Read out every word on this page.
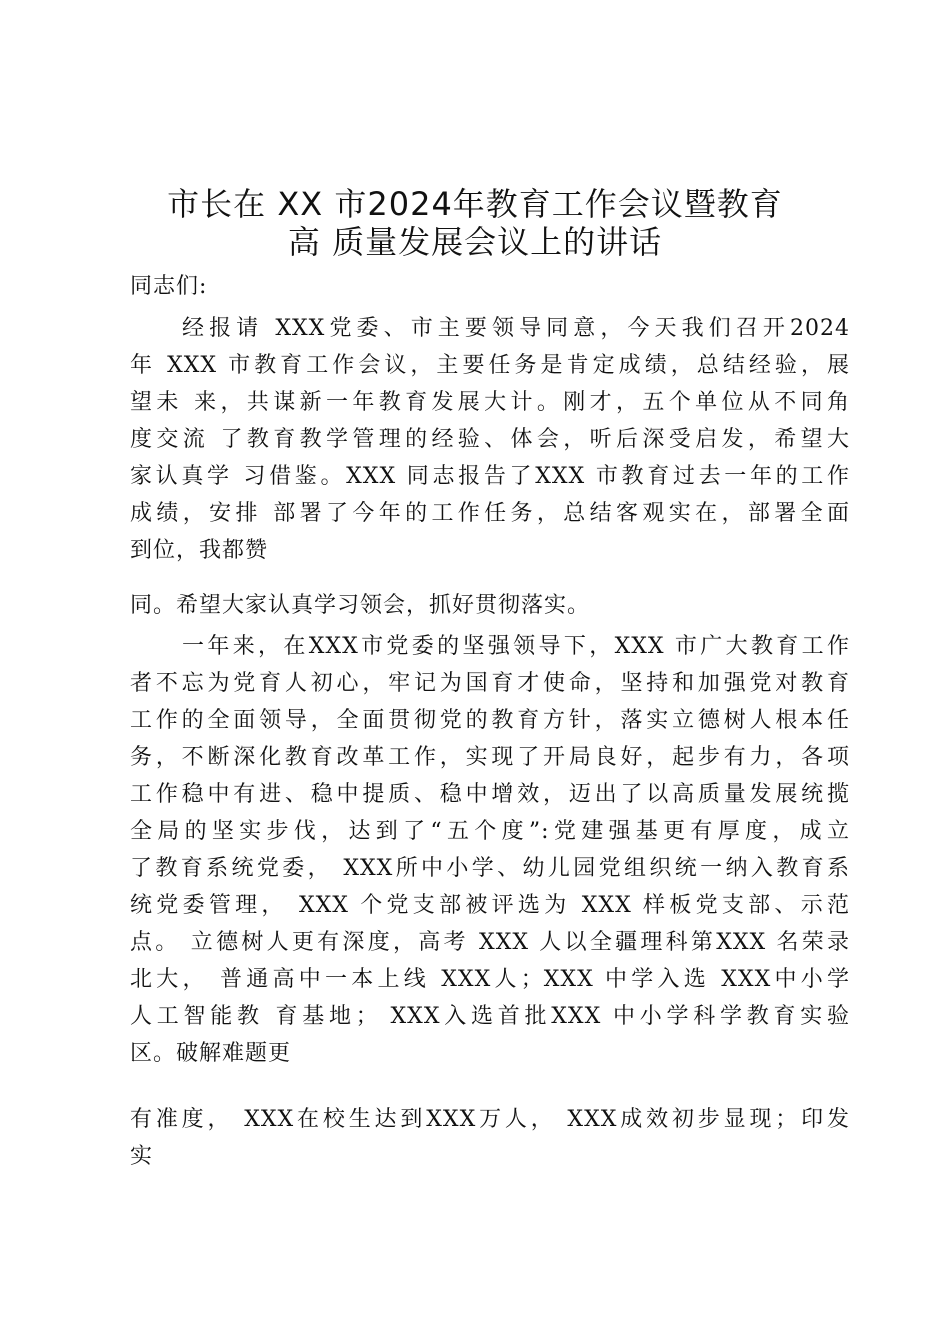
市长在 XX 市2024年教育工作会议暨教育
高 质量发展会议上的讲话
同志们:
经报请 XXX党委、市主要领导同意，今天我们召开2024
年 XXX 市教育工作会议，主要任务是肯定成绩，总结经验，展
望未 来，共谋新一年教育发展大计。刚才，五个单位从不同角
度交流 了教育教学管理的经验、体会，听后深受启发，希望大
家认真学 习借鉴。XXX 同志报告了XXX 市教育过去一年的工作
成绩，安排 部署了今年的工作任务，总结客观实在，部署全面
到位，我都赞
同。希望大家认真学习领会，抓好贯彻落实。
一年来，在XXX市党委的坚强领导下，XXX 市广大教育工作
者不忘为党育人初心，牢记为国育才使命，坚持和加强党对教育
工作的全面领导，全面贯彻党的教育方针，落实立德树人根本任
务，不断深化教育改革工作，实现了开局良好，起步有力，各项
工作稳中有进、稳中提质、稳中增效，迈出了以高质量发展统揽
全局的坚实步伐，达到了“五个度”:党建强基更有厚度，成立
了教育系统党委， XXX所中小学、幼儿园党组织统一纳入教育系
统党委管理， XXX 个党支部被评选为 XXX 样板党支部、示范
点。 立德树人更有深度，高考 XXX 人以全疆理科第XXX 名荣录
北大， 普通高中一本上线 XXX人；XXX 中学入选 XXX中小学
人工智能教 育基地； XXX入选首批XXX 中小学科学教育实验
区。破解难题更
有准度， XXX在校生达到XXX万人， XXX成效初步显现；印发
实
